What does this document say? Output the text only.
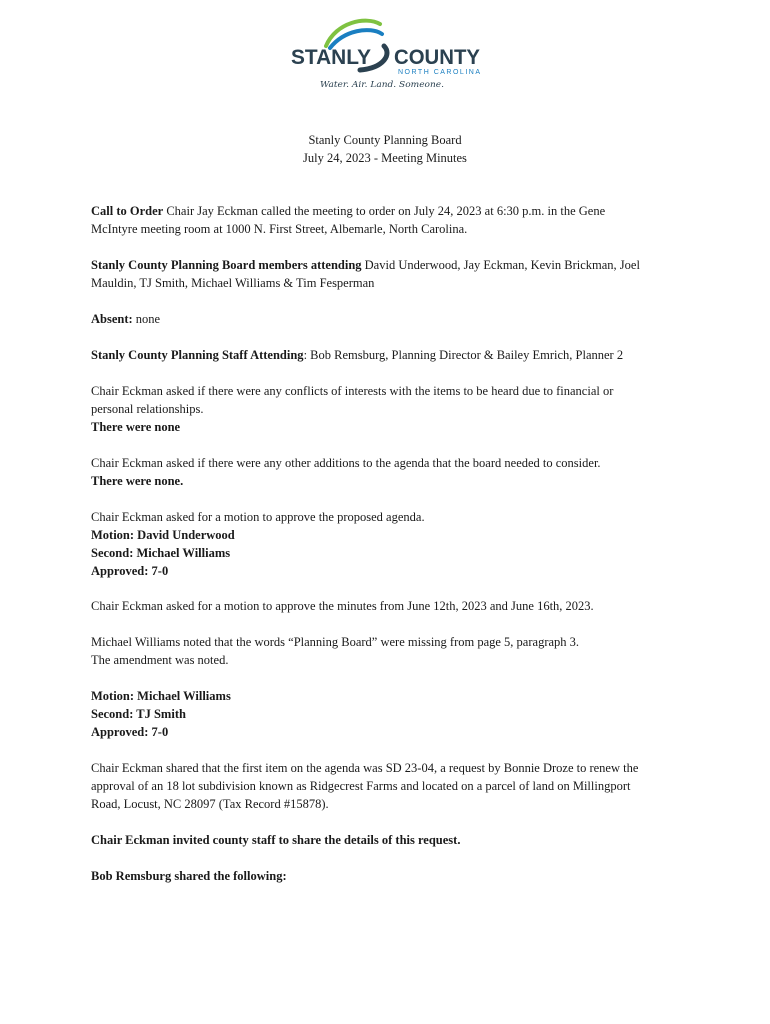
STANLY COUNTY
NORTH CAROLINA
Water. Air. Land. Someone.
Stanly County Planning Board
July 24, 2023 - Meeting Minutes

Call to Order Chair Jay Eckman called the meeting to order on July 24, 2023 at 6:30 p.m. in the Gene
McIntyre meeting room at 1000 N. First Street, Albemarle, North Carolina.

Stanly County Planning Board members attending David Underwood, Jay Eckman, Kevin Brickman, Joel
Mauldin, TJ Smith, Michael Williams & Tim Fesperman

Absent: none

Stanly County Planning Staff Attending: Bob Remsburg, Planning Director & Bailey Emrich, Planner 2

Chair Eckman asked if there were any conflicts of interests with the items to be heard due to financial or
personal relationships.
There were none

Chair Eckman asked if there were any other additions to the agenda that the board needed to consider.
There were none.

Chair Eckman asked for a motion to approve the proposed agenda.
Motion: David Underwood
Second: Michael Williams
Approved: 7-0

Chair Eckman asked for a motion to approve the minutes from June 12th, 2023 and June 16th, 2023.

Michael Williams noted that the words “Planning Board” were missing from page 5, paragraph 3.
The amendment was noted.

Motion: Michael Williams
Second: TJ Smith
Approved: 7-0

Chair Eckman shared that the first item on the agenda was SD 23-04, a request by Bonnie Droze to renew the
approval of an 18 lot subdivision known as Ridgecrest Farms and located on a parcel of land on Millingport
Road, Locust, NC 28097 (Tax Record #15878).

Chair Eckman invited county staff to share the details of this request.

Bob Remsburg shared the following:
